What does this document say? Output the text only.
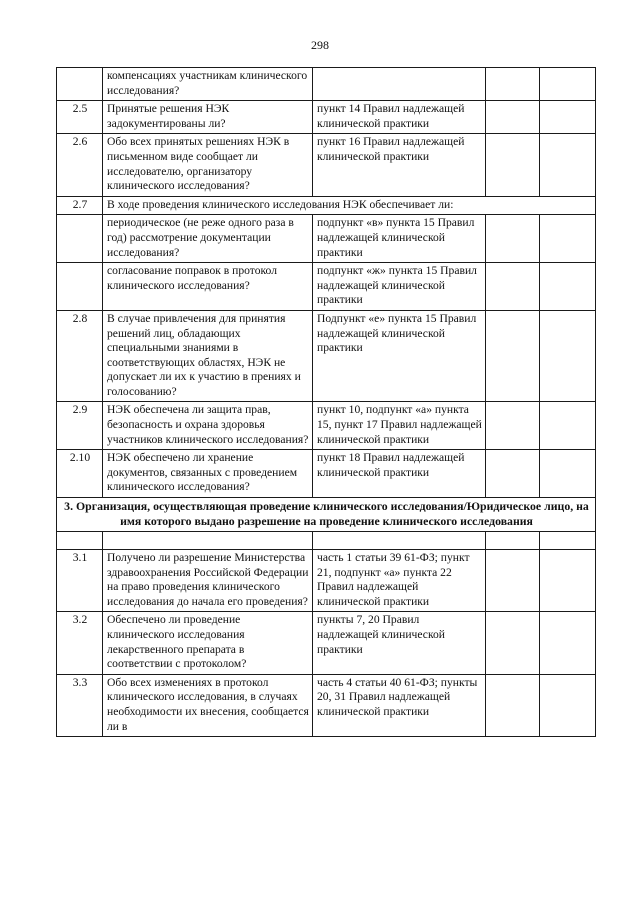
298
	компенсациях участникам клинического исследования?			
2.5	Принятые решения НЭК задокументированы ли?	пункт 14 Правил надлежащей клинической практики		
2.6	Обо всех принятых решениях НЭК в письменном виде сообщает ли исследователю, организатору клинического исследования?	пункт 16 Правил надлежащей клинической практики		
2.7	В ходе проведения клинического исследования НЭК обеспечивает ли:			
	периодическое (не реже одного раза в год) рассмотрение документации исследования?	подпункт «в» пункта 15 Правил надлежащей клинической практики		
	согласование поправок в протокол клинического исследования?	подпункт «ж» пункта 15 Правил надлежащей клинической практики		
2.8	В случае привлечения для принятия решений лиц, обладающих специальными знаниями в соответствующих областях, НЭК не допускает ли их к участию в прениях и голосованию?	Подпункт «е» пункта 15 Правил надлежащей клинической практики		
2.9	НЭК обеспечена ли защита прав, безопасность и охрана здоровья участников клинического исследования?	пункт 10, подпункт «а» пункта 15, пункт 17 Правил надлежащей клинической практики		
2.10	НЭК обеспечено ли хранение документов, связанных с проведением клинического исследования?	пункт 18 Правил надлежащей клинической практики		
3. Организация, осуществляющая проведение клинического исследования/Юридическое лицо, на имя которого выдано разрешение на проведение клинического исследования				

3.1	Получено ли разрешение Министерства здравоохранения Российской Федерации на право проведения клинического исследования до начала его проведения?	часть 1 статьи 39 61-ФЗ; пункт 21, подпункт «а» пункта 22 Правил надлежащей клинической практики		
3.2	Обеспечено ли проведение клинического исследования лекарственного препарата в соответствии с протоколом?	пункты 7, 20 Правил надлежащей клинической практики		
3.3	Обо всех изменениях в протокол клинического исследования, в случаях необходимости их внесения, сообщается ли в	часть 4 статьи 40 61-ФЗ; пункты 20, 31 Правил надлежащей клинической практики		
